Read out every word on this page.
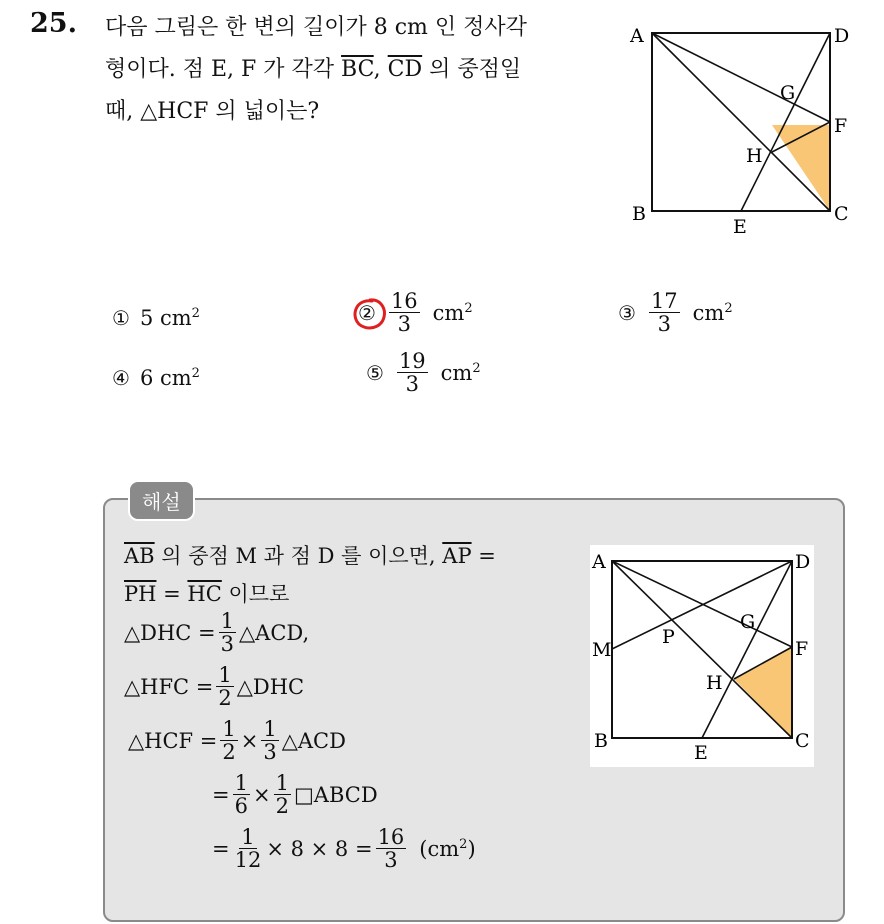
25. 다음 그림은 한 변의 길이가 8 cm 인 정사각
형이다. 점 E, F 가 각각 $\overline{BC}$, $\overline{CD}$ 의 중점일
때, △HCF 의 넓이는?
A	D
B	C
E
F
G
H
① 5 $cm^2$	② $\frac{16}{3} cm^2$	③ $\frac{17}{3} cm^2$
④ 6 $cm^2$	⑤ $\frac{19}{3} cm^2$
해설
$\overline{AB}$ 의 중점 M 과 점 D 를 이으면, $\overline{AP}$ =
$\overline{PH} = \overline{HC}$ 이므로
△DHC = $\frac{1}{3}$ △ACD,
△HFC = $\frac{1}{2}$ △DHC
△HCF = $\frac{1}{2} \times \frac{1}{3}$ △ACD
= $\frac{1}{6} \times \frac{1}{2}$ □ABCD
= $\frac{1}{12} \times 8 \times 8 = \frac{16}{3} (cm^2)$
A	D
M
P
G
F
H
B	C
E
